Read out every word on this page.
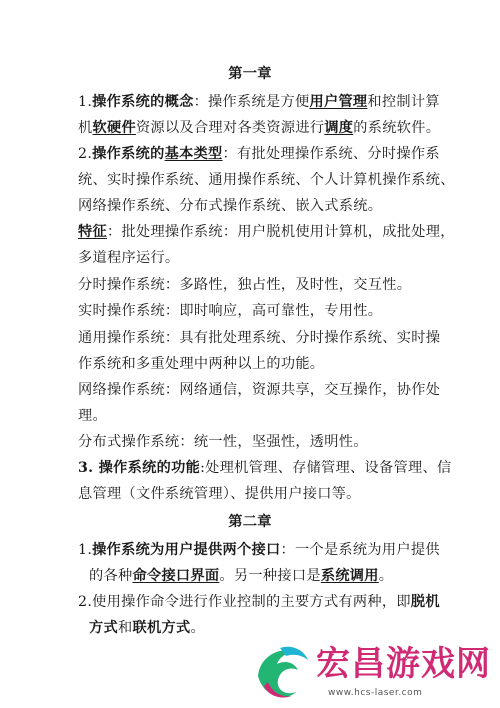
第一章
1.操作系统的概念：操作系统是方便用户管理和控制计算
机软硬件资源以及合理对各类资源进行调度的系统软件。
2.操作系统的基本类型：有批处理操作系统、分时操作系
统、实时操作系统、通用操作系统、个人计算机操作系统、
网络操作系统、分布式操作系统、嵌入式系统。
特征：批处理操作系统：用户脱机使用计算机，成批处理，
多道程序运行。
分时操作系统：多路性，独占性，及时性，交互性。
实时操作系统：即时响应，高可靠性，专用性。
通用操作系统：具有批处理系统、分时操作系统、实时操
作系统和多重处理中两种以上的功能。
网络操作系统：网络通信，资源共享，交互操作，协作处
理。
分布式操作系统：统一性，坚强性，透明性。
3. 操作系统的功能:处理机管理、存储管理、设备管理、信
息管理（文件系统管理）、提供用户接口等。
第二章
1.操作系统为用户提供两个接口：一个是系统为用户提供
的各种命令接口界面。另一种接口是系统调用。
2.使用操作命令进行作业控制的主要方式有两种，即脱机
方式和联机方式。
宏昌游戏网
www.hcs-laser.com
